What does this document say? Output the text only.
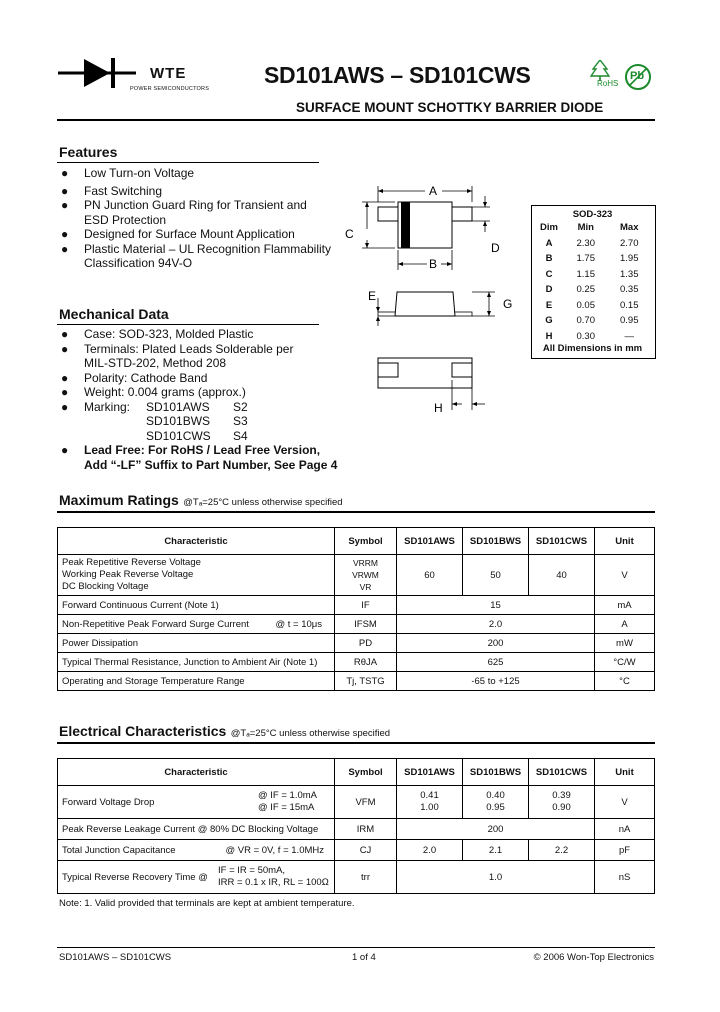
WTE
POWER SEMICONDUCTORS
SD101AWS – SD101CWS	RoHS
Pb
SURFACE MOUNT SCHOTTKY BARRIER DIODE
Features
● Low Turn-on Voltage
● Fast Switching
● PN Junction Guard Ring for Transient and
ESD Protection
● Designed for Surface Mount Application
● Plastic Material – UL Recognition Flammability
Classification 94V-O
Mechanical Data
● Case: SOD-323, Molded Plastic
● Terminals: Plated Leads Solderable per
MIL-STD-202, Method 208
● Polarity: Cathode Band
● Weight: 0.004 grams (approx.)
● Marking: SD101AWS S2
SD101BWS S3
SD101CWS S4
● Lead Free: For RoHS / Lead Free Version,
Add “-LF” Suffix to Part Number, See Page 4
A
C
D
B
E
G
H
SOD-323
Dim	Min	Max
A	2.30	2.70
B	1.75	1.95
C	1.15	1.35
D	0.25	0.35
E	0.05	0.15
G	0.70	0.95
H	0.30	—
All Dimensions in mm
Maximum Ratings @Tₐ=25°C unless otherwise specified
Characteristic	Symbol	SD101AWS	SD101BWS	SD101CWS	Unit
Peak Repetitive Reverse Voltage
Working Peak Reverse Voltage
DC Blocking Voltage	VRRM
VRWM
VR	60	50	40	V
Forward Continuous Current (Note 1)	IF	15			mA
Non-Repetitive Peak Forward Surge Current @ t = 10μs	IFSM	2.0			A
Power Dissipation	PD	200			mW
Typical Thermal Resistance, Junction to Ambient Air (Note 1)	RθJA	625			°C/W
Operating and Storage Temperature Range	Tj, TSTG	-65 to +125			°C
Electrical Characteristics @Tₐ=25°C unless otherwise specified
Characteristic	Symbol	SD101AWS	SD101BWS	SD101CWS	Unit
Forward Voltage Drop
@ IF = 1.0mA
@ IF = 15mA	VFM	0.41
1.00	0.40
0.95	0.39
0.90	V
Peak Reverse Leakage Current @ 80% DC Blocking Voltage	IRM	200			nA
Total Junction Capacitance @ VR = 0V, f = 1.0MHz	CJ	2.0	2.1	2.2	pF
Typical Reverse Recovery Time @
IF = IR = 50mA,
IRR = 0.1 x IR, RL = 100Ω	trr	1.0			nS
Note: 1. Valid provided that terminals are kept at ambient temperature.
SD101AWS – SD101CWS	1 of 4	© 2006 Won-Top Electronics
